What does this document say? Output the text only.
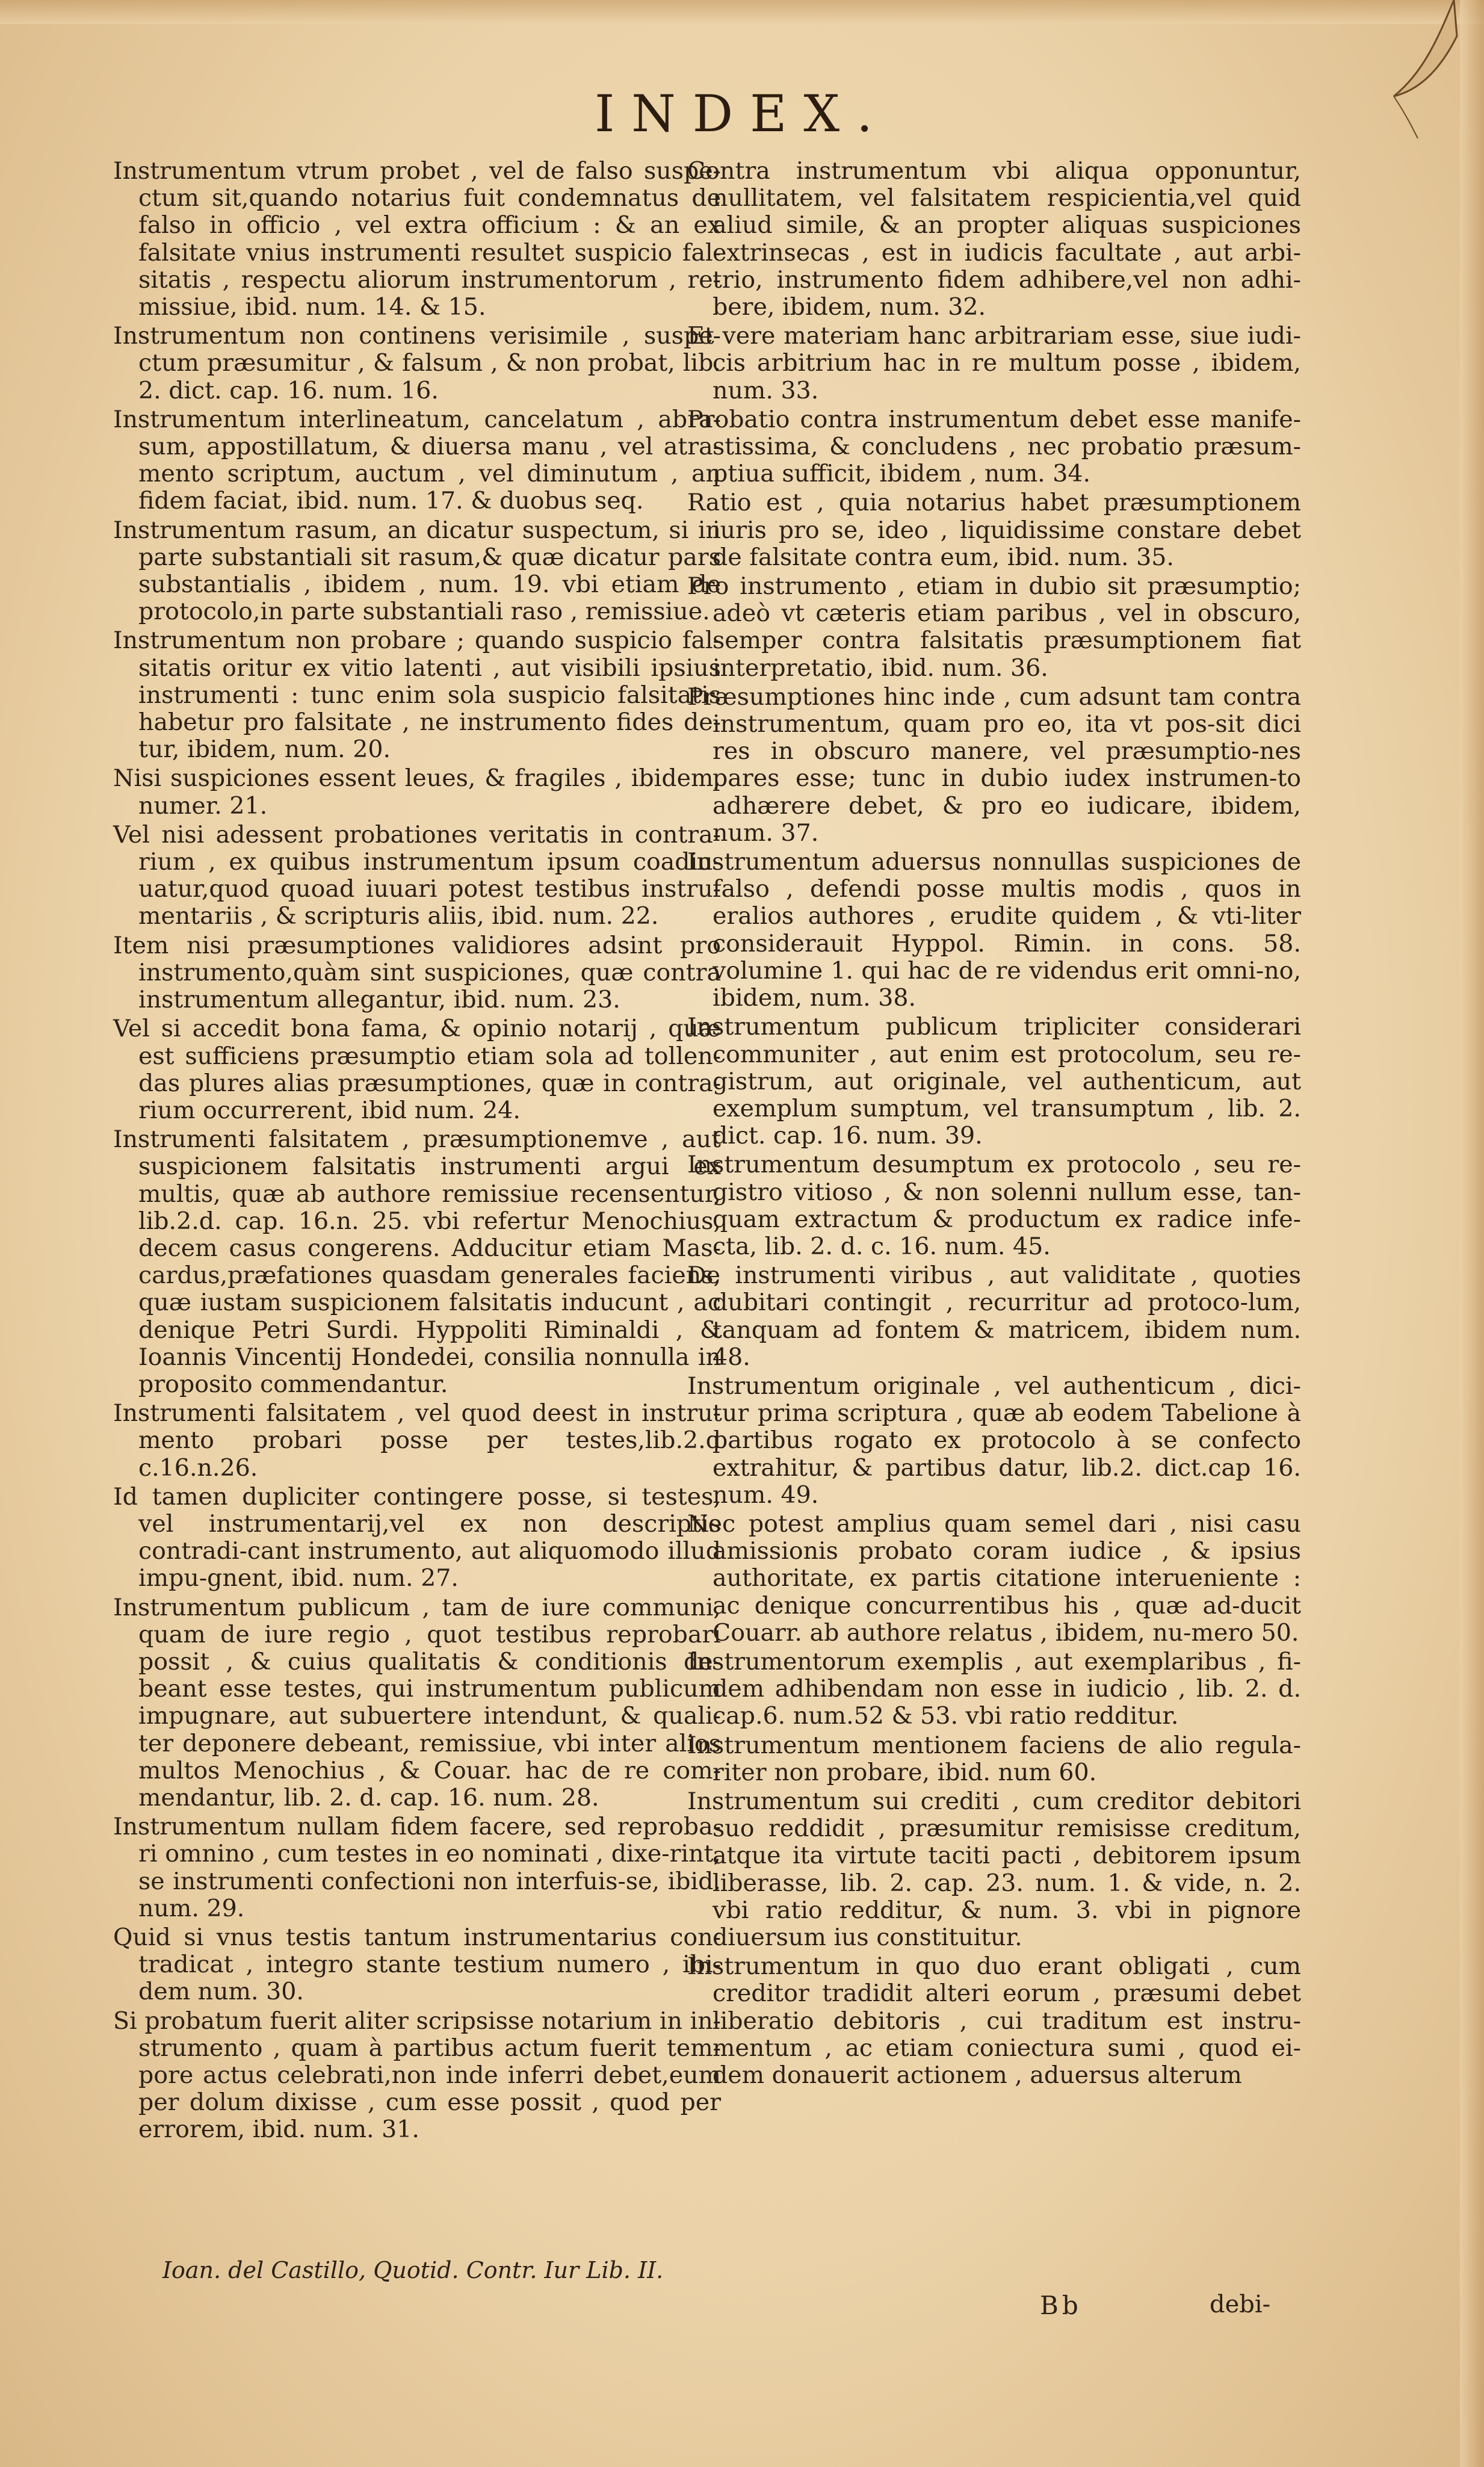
INDEX.

Instrumentum vtrum probet , vel de falso suspe-ctum sit,quando notarius fuit condemnatus de falso in officio , vel extra officium : & an ex falsitate vnius instrumenti resultet suspicio fal-sitatis , respectu aliorum instrumentorum , re-missiue, ibid. num. 14. & 15.

Instrumentum non continens verisimile , suspe-ctum præsumitur , & falsum , & non probat, lib. 2. dict. cap. 16. num. 16.

Instrumentum interlineatum, cancelatum , abra-sum, appostillatum, & diuersa manu , vel atra-mento scriptum, auctum , vel diminutum , an fidem faciat, ibid. num. 17. & duobus seq.

Instrumentum rasum, an dicatur suspectum, si in parte substantiali sit rasum,& quæ dicatur pars substantialis , ibidem , num. 19. vbi etiam de protocolo,in parte substantiali raso , remissiue.

Instrumentum non probare ; quando suspicio fal-sitatis oritur ex vitio latenti , aut visibili ipsius instrumenti : tunc enim sola suspicio falsitatis habetur pro falsitate , ne instrumento fides de-tur, ibidem, num. 20.

Nisi suspiciones essent leues, & fragiles , ibidem, numer. 21.

Vel nisi adessent probationes veritatis in contra-rium , ex quibus instrumentum ipsum coadiu-uatur,quod quoad iuuari potest testibus instru-mentariis , & scripturis aliis, ibid. num. 22.

Item nisi præsumptiones validiores adsint pro instrumento,quàm sint suspiciones, quæ contra instrumentum allegantur, ibid. num. 23.

Vel si accedit bona fama, & opinio notarij , quæ est sufficiens præsumptio etiam sola ad tollen-das plures alias præsumptiones, quæ in contra-rium occurrerent, ibid num. 24.

Instrumenti falsitatem , præsumptionemve , aut suspicionem falsitatis instrumenti argui ex multis, quæ ab authore remissiue recensentur, lib.2.d. cap. 16.n. 25. vbi refertur Menochius, decem casus congerens. Adducitur etiam Mas-cardus,præfationes quasdam generales faciens, quæ iustam suspicionem falsitatis inducunt , ac denique Petri Surdi. Hyppoliti Riminaldi , & Ioannis Vincentij Hondedei, consilia nonnulla in proposito commendantur.

Instrumenti falsitatem , vel quod deest in instru-mento probari posse per testes,lib.2.d c.16.n.26.

Id tamen dupliciter contingere posse, si testes, vel instrumentarij,vel ex non descriptis contradi-cant instrumento, aut aliquomodo illud impu-gnent, ibid. num. 27.

Instrumentum publicum , tam de iure communi, quam de iure regio , quot testibus reprobari possit , & cuius qualitatis & conditionis de-beant esse testes, qui instrumentum publicum impugnare, aut subuertere intendunt, & quali-ter deponere debeant, remissiue, vbi inter alios multos Menochius , & Couar. hac de re com-mendantur, lib. 2. d. cap. 16. num. 28.

Instrumentum nullam fidem facere, sed reproba-ri omnino , cum testes in eo nominati , dixe-rint, se instrumenti confectioni non interfuis-se, ibid. num. 29.

Quid si vnus testis tantum instrumentarius con-tradicat , integro stante testium numero , ibi-dem num. 30.

Si probatum fuerit aliter scripsisse notarium in in-strumento , quam à partibus actum fuerit tem-pore actus celebrati,non inde inferri debet,eum per dolum dixisse , cum esse possit , quod per errorem, ibid. num. 31.

Contra instrumentum vbi aliqua opponuntur, nullitatem, vel falsitatem respicientia,vel quid aliud simile, & an propter aliquas suspiciones extrinsecas , est in iudicis facultate , aut arbi-trio, instrumento fidem adhibere,vel non adhi-bere, ibidem, num. 32.

Et vere materiam hanc arbitrariam esse, siue iudi-cis arbitrium hac in re multum posse , ibidem, num. 33.

Probatio contra instrumentum debet esse manife-stissima, & concludens , nec probatio præsum-ptiua sufficit, ibidem , num. 34.

Ratio est , quia notarius habet præsumptionem iuris pro se, ideo , liquidissime constare debet de falsitate contra eum, ibid. num. 35.

Pro instrumento , etiam in dubio sit præsumptio; adeò vt cæteris etiam paribus , vel in obscuro, semper contra falsitatis præsumptionem fiat interpretatio, ibid. num. 36.

Præsumptiones hinc inde , cum adsunt tam contra instrumentum, quam pro eo, ita vt pos-sit dici res in obscuro manere, vel præsumptio-nes pares esse; tunc in dubio iudex instrumen-to adhærere debet, & pro eo iudicare, ibidem, num. 37.

Instrumentum aduersus nonnullas suspiciones de falso , defendi posse multis modis , quos in eralios authores , erudite quidem , & vti-liter considerauit Hyppol. Rimin. in cons. 58. volumine 1. qui hac de re videndus erit omni-no, ibidem, num. 38.

Instrumentum publicum tripliciter considerari communiter , aut enim est protocolum, seu re-gistrum, aut originale, vel authenticum, aut exemplum sumptum, vel transumptum , lib. 2. dict. cap. 16. num. 39.

Instrumentum desumptum ex protocolo , seu re-gistro vitioso , & non solenni nullum esse, tan-quam extractum & productum ex radice infe-cta, lib. 2. d. c. 16. num. 45.

De instrumenti viribus , aut validitate , quoties dubitari contingit , recurritur ad protoco-lum, tanquam ad fontem & matricem, ibidem num. 48.

Instrumentum originale , vel authenticum , dici-tur prima scriptura , quæ ab eodem Tabelione à partibus rogato ex protocolo à se confecto extrahitur, & partibus datur, lib.2. dict.cap 16. num. 49.

Nec potest amplius quam semel dari , nisi casu amissionis probato coram iudice , & ipsius authoritate, ex partis citatione interueniente : ac denique concurrentibus his , quæ ad-ducit Couarr. ab authore relatus , ibidem, nu-mero 50.

Instrumentorum exemplis , aut exemplaribus , fi-dem adhibendam non esse in iudicio , lib. 2. d. cap.6. num.52 & 53. vbi ratio redditur.

Instrumentum mentionem faciens de alio regula-riter non probare, ibid. num 60.

Instrumentum sui crediti , cum creditor debitori suo reddidit , præsumitur remisisse creditum, atque ita virtute taciti pacti , debitorem ipsum liberasse, lib. 2. cap. 23. num. 1. & vide, n. 2. vbi ratio redditur, & num. 3. vbi in pignore diuersum ius constituitur.

Instrumentum in quo duo erant obligati , cum creditor tradidit alteri eorum , præsumi debet liberatio debitoris , cui traditum est instru-mentum , ac etiam coniectura sumi , quod ei-dem donauerit actionem , aduersus alterum

Ioan. del Castillo, Quotid. Contr. Iur Lib. II.
Bb	debi-
